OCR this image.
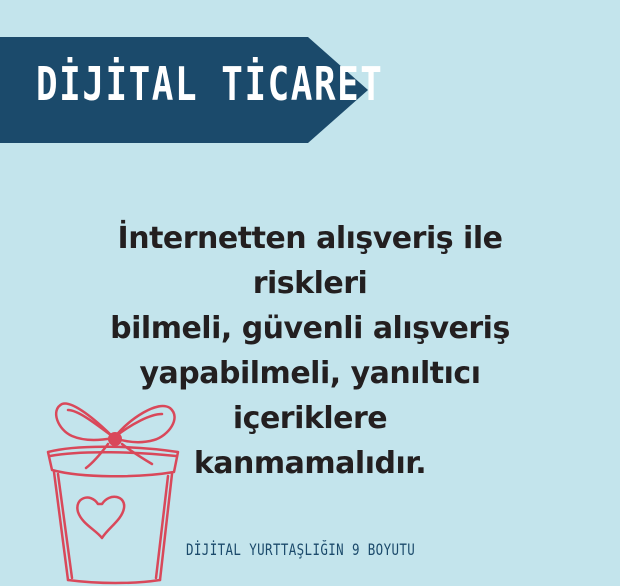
DİJİTAL TİCARET
İnternetten alışveriş ile riskleri
bilmeli, güvenli alışveriş
yapabilmeli, yanıltıcı içeriklere
kanmamalıdır.
DİJİTAL YURTTAŞLIĞIN 9 BOYUTU
